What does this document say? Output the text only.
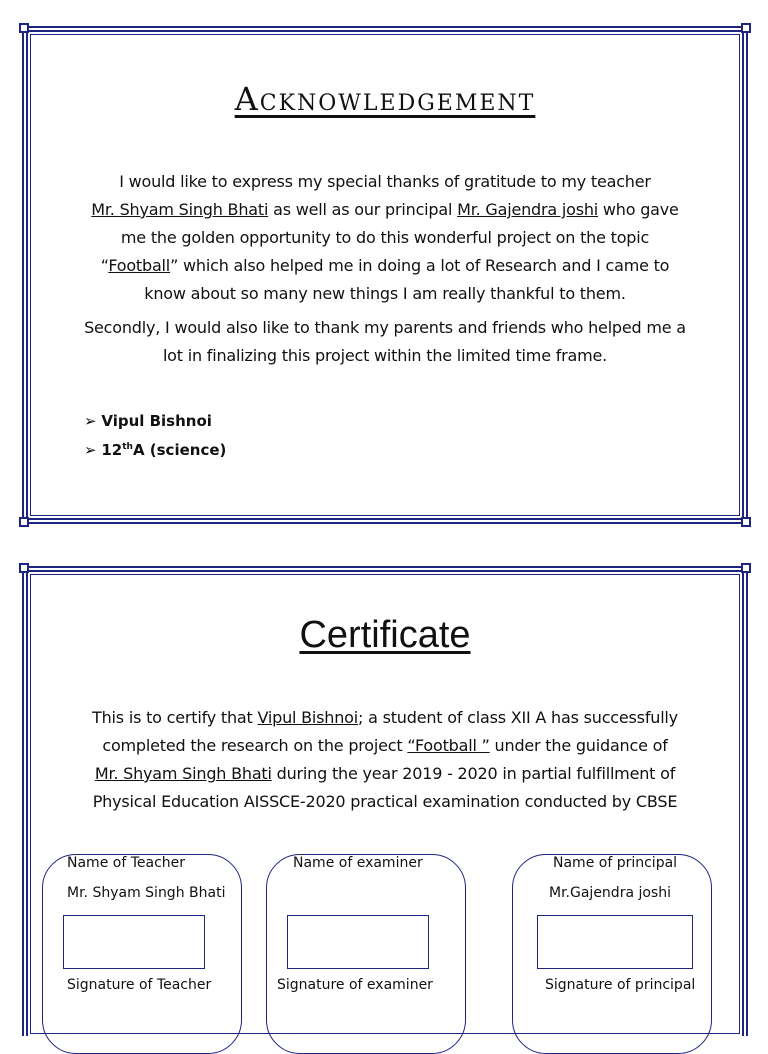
Acknowledgement
I would like to express my special thanks of gratitude to my teacher
Mr. Shyam Singh Bhati as well as our principal Mr. Gajendra joshi who gave
me the golden opportunity to do this wonderful project on the topic
“Football” which also helped me in doing a lot of Research and I came to
know about so many new things I am really thankful to them.
Secondly, I would also like to thank my parents and friends who helped me a
lot in finalizing this project within the limited time frame.
➢ Vipul Bishnoi
➢ 12thA (science)
Certificate
This is to certify that Vipul Bishnoi; a student of class XII A has successfully
completed the research on the project “Football ” under the guidance of
Mr. Shyam Singh Bhati during the year 2019 - 2020 in partial fulfillment of
Physical Education AISSCE-2020 practical examination conducted by CBSE
Name of Teacher
Mr. Shyam Singh Bhati
Signature of Teacher
Name of examiner
Signature of examiner
Name of principal
Mr.Gajendra joshi
Signature of principal
